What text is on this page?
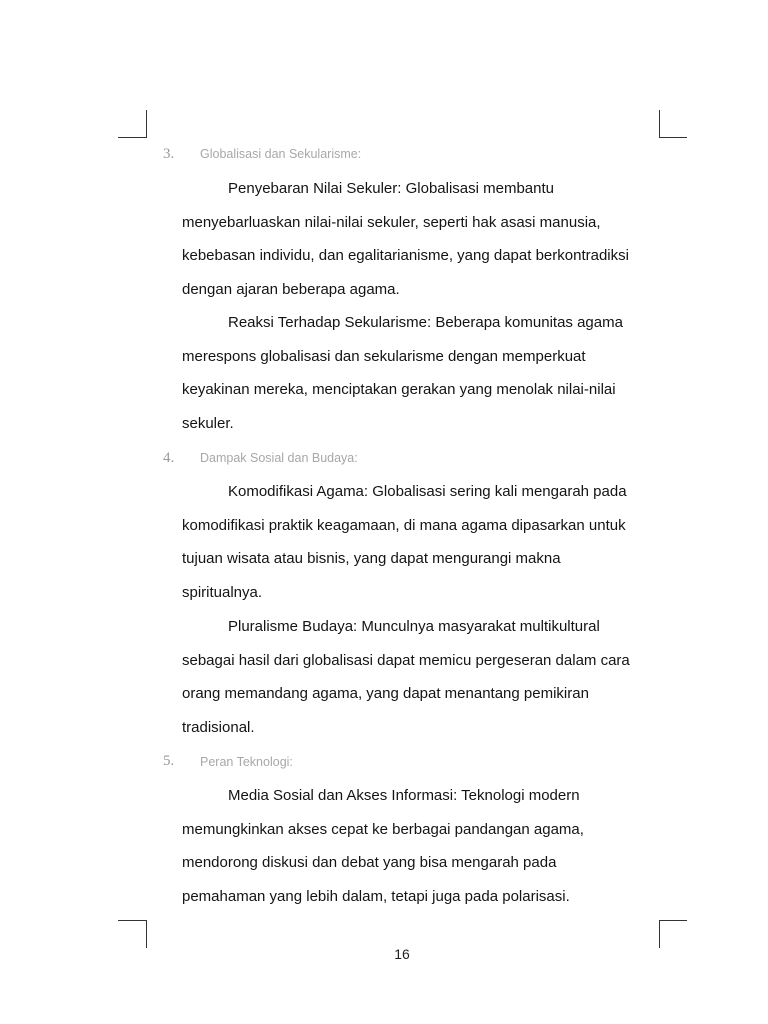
3. Globalisasi dan Sekularisme:
Penyebaran Nilai Sekuler: Globalisasi membantu
menyebarluaskan nilai-nilai sekuler, seperti hak asasi manusia,
kebebasan individu, dan egalitarianisme, yang dapat berkontradiksi
dengan ajaran beberapa agama.
Reaksi Terhadap Sekularisme: Beberapa komunitas agama
merespons globalisasi dan sekularisme dengan memperkuat
keyakinan mereka, menciptakan gerakan yang menolak nilai-nilai
sekuler.
4. Dampak Sosial dan Budaya:
Komodifikasi Agama: Globalisasi sering kali mengarah pada
komodifikasi praktik keagamaan, di mana agama dipasarkan untuk
tujuan wisata atau bisnis, yang dapat mengurangi makna
spiritualnya.
Pluralisme Budaya: Munculnya masyarakat multikultural
sebagai hasil dari globalisasi dapat memicu pergeseran dalam cara
orang memandang agama, yang dapat menantang pemikiran
tradisional.
5. Peran Teknologi:
Media Sosial dan Akses Informasi: Teknologi modern
memungkinkan akses cepat ke berbagai pandangan agama,
mendorong diskusi dan debat yang bisa mengarah pada
pemahaman yang lebih dalam, tetapi juga pada polarisasi.
16
